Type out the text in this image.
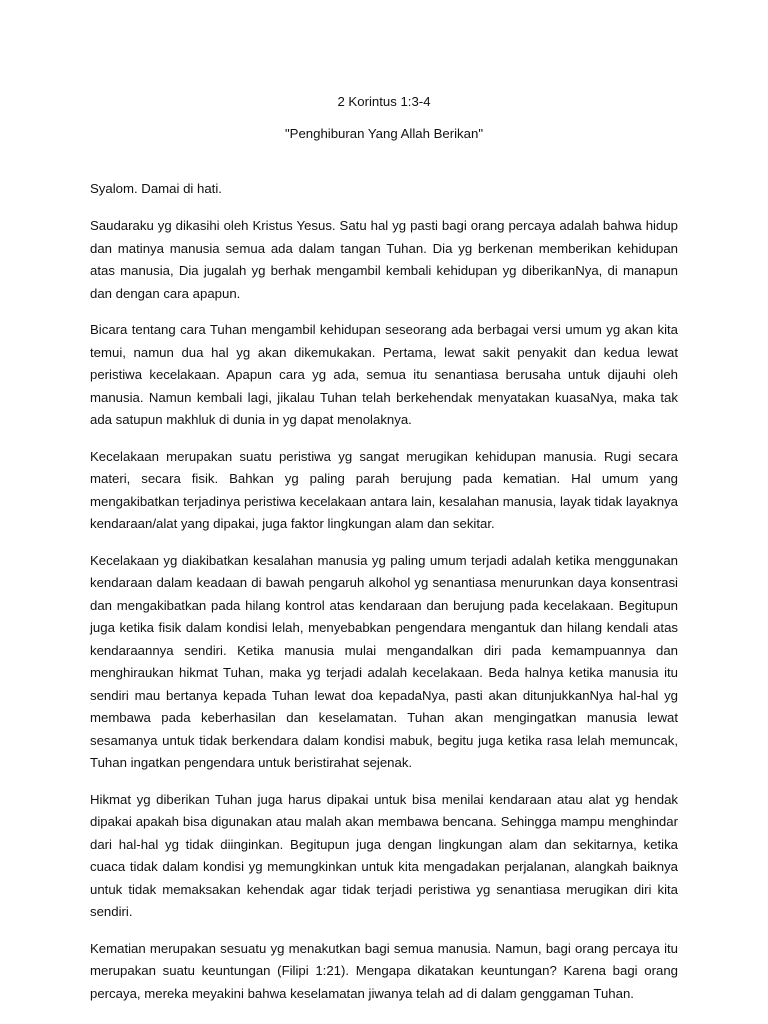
2 Korintus 1:3-4

"Penghiburan Yang Allah Berikan"

Syalom. Damai di hati.

Saudaraku yg dikasihi oleh Kristus Yesus. Satu hal yg pasti bagi orang percaya adalah bahwa hidup dan matinya manusia semua ada dalam tangan Tuhan. Dia yg berkenan memberikan kehidupan atas manusia, Dia jugalah yg berhak mengambil kembali kehidupan yg diberikanNya, di manapun dan dengan cara apapun.

Bicara tentang cara Tuhan mengambil kehidupan seseorang ada berbagai versi umum yg akan kita temui, namun dua hal yg akan dikemukakan. Pertama, lewat sakit penyakit dan kedua lewat peristiwa kecelakaan. Apapun cara yg ada, semua itu senantiasa berusaha untuk dijauhi oleh manusia. Namun kembali lagi, jikalau Tuhan telah berkehendak menyatakan kuasaNya, maka tak ada satupun makhluk di dunia in yg dapat menolaknya.

Kecelakaan merupakan suatu peristiwa yg sangat merugikan kehidupan manusia. Rugi secara materi, secara fisik. Bahkan yg paling parah berujung pada kematian. Hal umum yang mengakibatkan terjadinya peristiwa kecelakaan antara lain, kesalahan manusia, layak tidak layaknya kendaraan/alat yang dipakai, juga faktor lingkungan alam dan sekitar.

Kecelakaan yg diakibatkan kesalahan manusia yg paling umum terjadi adalah ketika menggunakan kendaraan dalam keadaan di bawah pengaruh alkohol yg senantiasa menurunkan daya konsentrasi dan mengakibatkan pada hilang kontrol atas kendaraan dan berujung pada kecelakaan. Begitupun juga ketika fisik dalam kondisi lelah, menyebabkan pengendara mengantuk dan hilang kendali atas kendaraannya sendiri. Ketika manusia mulai mengandalkan diri pada kemampuannya dan menghiraukan hikmat Tuhan, maka yg terjadi adalah kecelakaan. Beda halnya ketika manusia itu sendiri mau bertanya kepada Tuhan lewat doa kepadaNya, pasti akan ditunjukkanNya hal-hal yg membawa pada keberhasilan dan keselamatan. Tuhan akan mengingatkan manusia lewat sesamanya untuk tidak berkendara dalam kondisi mabuk, begitu juga ketika rasa lelah memuncak, Tuhan ingatkan pengendara untuk beristirahat sejenak.

Hikmat yg diberikan Tuhan juga harus dipakai untuk bisa menilai kendaraan atau alat yg hendak dipakai apakah bisa digunakan atau malah akan membawa bencana. Sehingga mampu menghindar dari hal-hal yg tidak diinginkan. Begitupun juga dengan lingkungan alam dan sekitarnya, ketika cuaca tidak dalam kondisi yg memungkinkan untuk kita mengadakan perjalanan, alangkah baiknya untuk tidak memaksakan kehendak agar tidak terjadi peristiwa yg senantiasa merugikan diri kita sendiri.

Kematian merupakan sesuatu yg menakutkan bagi semua manusia. Namun, bagi orang percaya itu merupakan suatu keuntungan (Filipi 1:21). Mengapa dikatakan keuntungan? Karena bagi orang percaya, mereka meyakini bahwa keselamatan jiwanya telah ad di dalam genggaman Tuhan.
